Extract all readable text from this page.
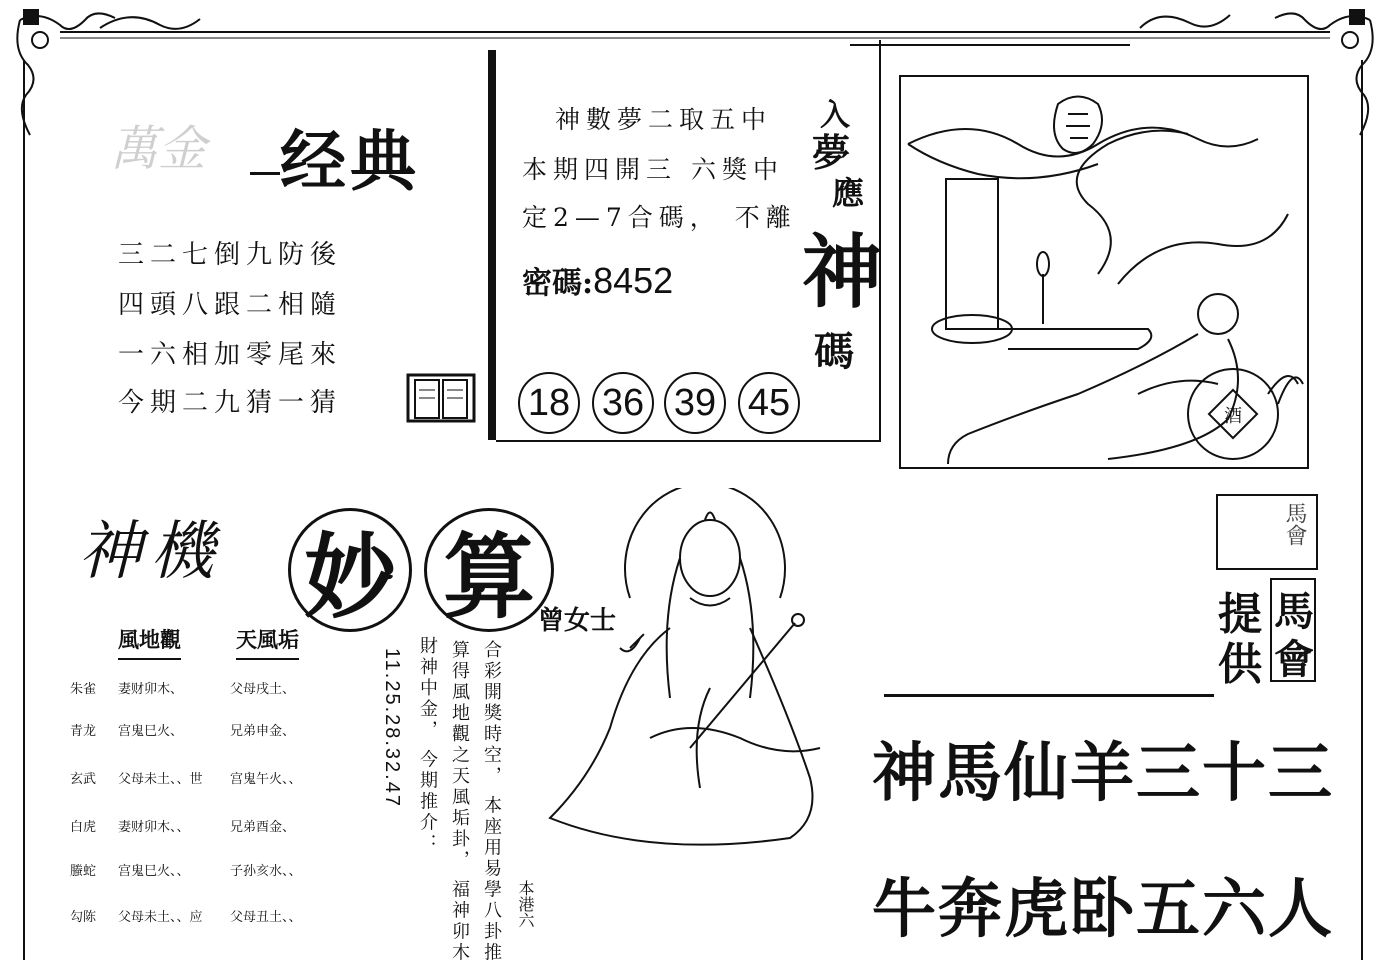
萬金 经典
三二七倒九防後
四頭八跟二相隨
一六相加零尾來
今期二九猜一猜
神數夢二取五中
本期四開三 六獎中
定2—7合碼， 不離
密碼:8452
18 36 39 45
入
夢
應
神
碼
酒
神 機 妙 算 曾女士
風地觀	天風垢
朱雀 妻财卯木、	父母戌土、
青龙 宫鬼巳火、	兄弟申金、
玄武 父母未土、、世 宫鬼午火、、
白虎 妻财卯木、、	兄弟酉金、
螣蛇 宫鬼巳火、、	子孙亥水、、
勾陈 父母未土、、应 父母丑土、、	合彩開獎時空， 本座用易學八卦推
算得風地觀之天風垢卦， 福神卯木
財神中金， 今期推介：
11.25.28.32.47
本港六
馬會
提
供
馬
會
神馬仙羊三十三
牛奔虎卧五六人
